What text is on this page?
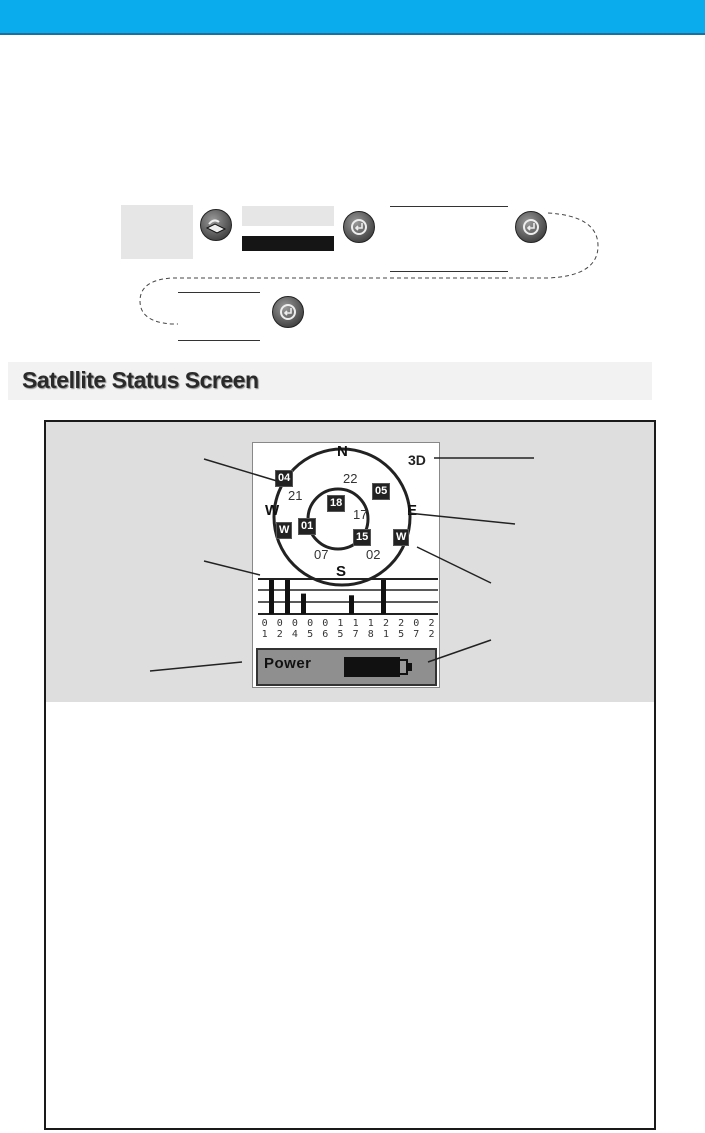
Satellite Status Screen
N
S
E
W
3D
22
21
17
07	02
04
05
18
01
W
15	W
0
1
0
2
0
4
0
5
0
6
1
5
1
7
1
8
2
1
2
5
0
7
2
2
Power
